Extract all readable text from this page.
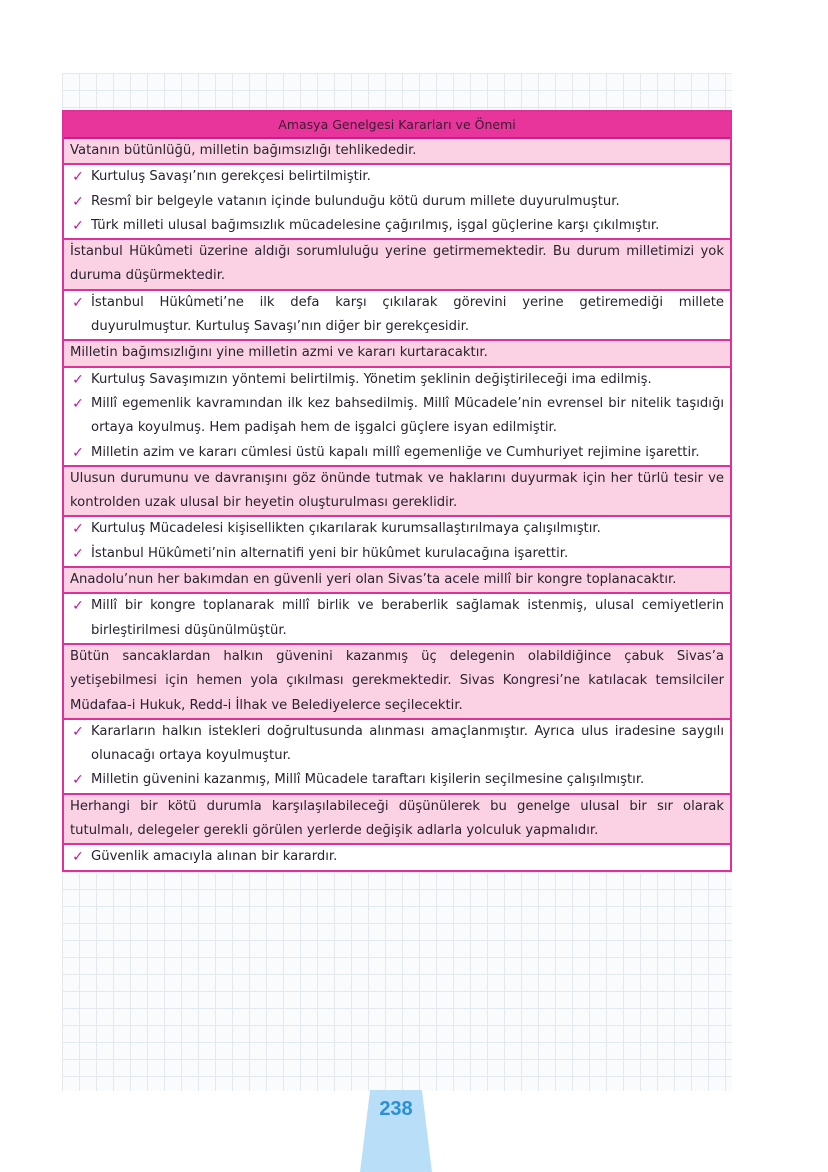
Amasya Genelgesi Kararları ve Önemi
Vatanın bütünlüğü, milletin bağımsızlığı tehlikededir.
✓ Kurtuluş Savaşı’nın gerekçesi belirtilmiştir.
✓ Resmî bir belgeyle vatanın içinde bulunduğu kötü durum millete duyurulmuştur.
✓ Türk milleti ulusal bağımsızlık mücadelesine çağırılmış, işgal güçlerine karşı çıkılmıştır.
İstanbul Hükûmeti üzerine aldığı sorumluluğu yerine getirmemektedir. Bu durum milletimizi yok duruma düşürmektedir.
✓ İstanbul Hükûmeti’ne ilk defa karşı çıkılarak görevini yerine getiremediği millete duyurulmuştur. Kurtuluş Savaşı’nın diğer bir gerekçesidir.
Milletin bağımsızlığını yine milletin azmi ve kararı kurtaracaktır.
✓ Kurtuluş Savaşımızın yöntemi belirtilmiş. Yönetim şeklinin değiştirileceği ima edilmiş.
✓ Millî egemenlik kavramından ilk kez bahsedilmiş. Millî Mücadele’nin evrensel bir nitelik taşıdığı ortaya koyulmuş. Hem padişah hem de işgalci güçlere isyan edilmiştir.
✓ Milletin azim ve kararı cümlesi üstü kapalı millî egemenliğe ve Cumhuriyet rejimine işarettir.
Ulusun durumunu ve davranışını göz önünde tutmak ve haklarını duyurmak için her türlü tesir ve kontrolden uzak ulusal bir heyetin oluşturulması gereklidir.
✓ Kurtuluş Mücadelesi kişisellikten çıkarılarak kurumsallaştırılmaya çalışılmıştır.
✓ İstanbul Hükûmeti’nin alternatifi yeni bir hükûmet kurulacağına işarettir.
Anadolu’nun her bakımdan en güvenli yeri olan Sivas’ta acele millî bir kongre toplanacaktır.
✓ Millî bir kongre toplanarak millî birlik ve beraberlik sağlamak istenmiş, ulusal cemiyetlerin birleştirilmesi düşünülmüştür.
Bütün sancaklardan halkın güvenini kazanmış üç delegenin olabildiğince çabuk Sivas’a yetişebilmesi için hemen yola çıkılması gerekmektedir. Sivas Kongresi’ne katılacak temsilciler Müdafaa-i Hukuk, Redd-i İlhak ve Belediyelerce seçilecektir.
✓ Kararların halkın istekleri doğrultusunda alınması amaçlanmıştır. Ayrıca ulus iradesine saygılı olunacağı ortaya koyulmuştur.
✓ Milletin güvenini kazanmış, Millî Mücadele taraftarı kişilerin seçilmesine çalışılmıştır.
Herhangi bir kötü durumla karşılaşılabileceği düşünülerek bu genelge ulusal bir sır olarak tutulmalı, delegeler gerekli görülen yerlerde değişik adlarla yolculuk yapmalıdır.
✓ Güvenlik amacıyla alınan bir karardır.
238
